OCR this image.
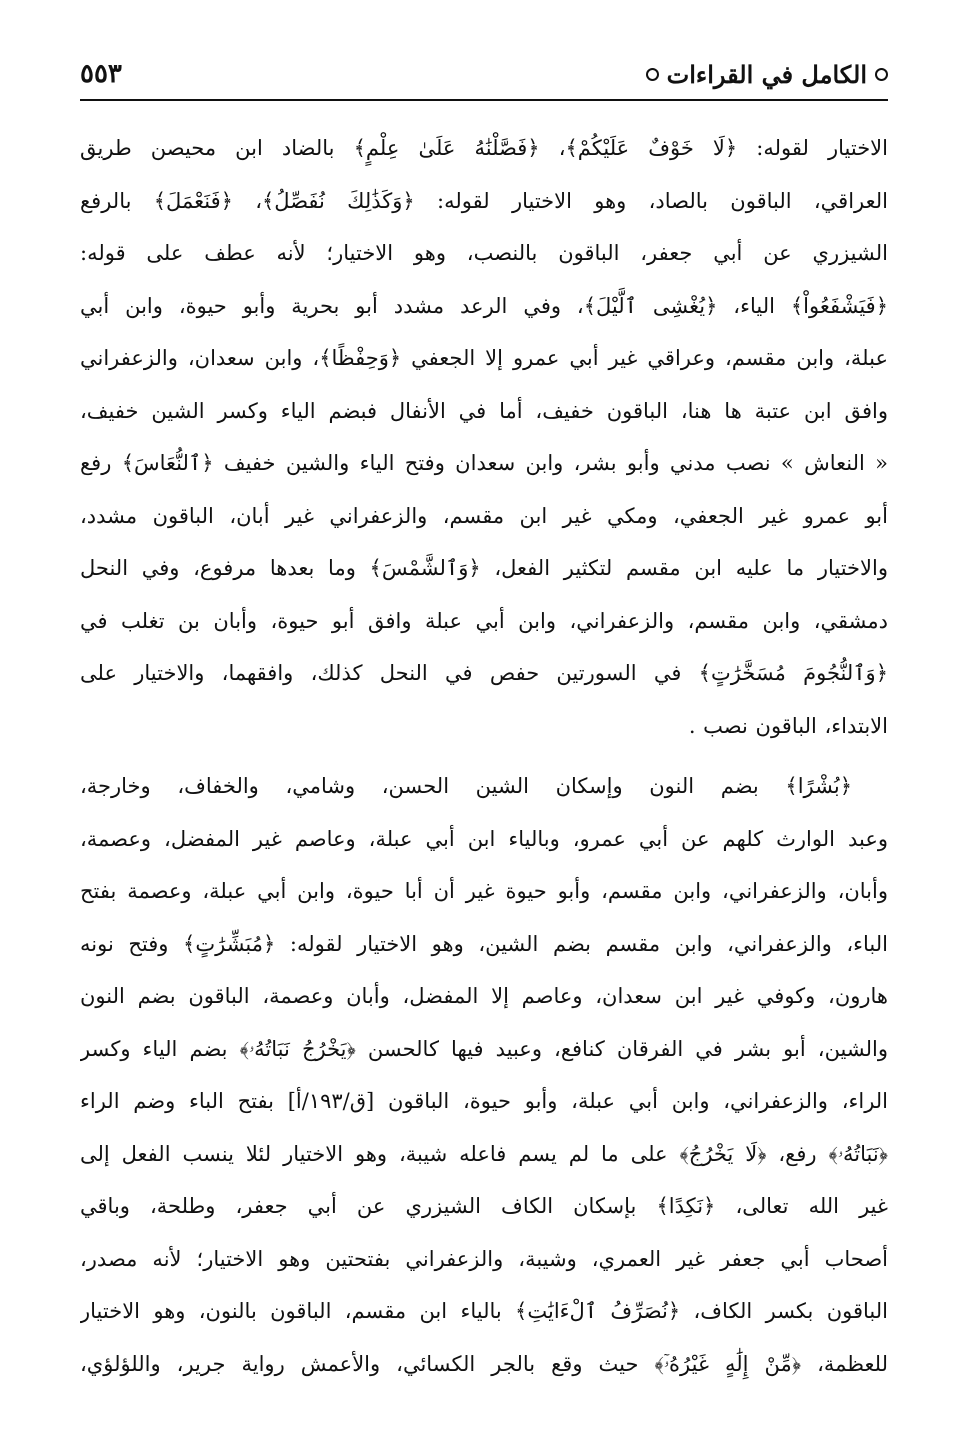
الكامل في القراءات
٥٥٣
الاختيار لقوله: ﴿لَا خَوْفٌ عَلَيْكُمْ﴾، ﴿فَصَّلْنَٰهُ عَلَىٰ عِلْمٍ﴾ بالضاد ابن محيصن طريق
العراقي، الباقون بالصاد، وهو الاختيار لقوله: ﴿وَكَذَٰلِكَ نُفَصِّلُ﴾، ﴿فَنَعْمَلَ﴾ بالرفع
الشيزري عن أبي جعفر، الباقون بالنصب، وهو الاختيار؛ لأنه عطف على قوله:
﴿فَيَشْفَعُواْ﴾ الياء، ﴿يُغْشِى ٱلَّيْلَ﴾، وفي الرعد مشدد أبو بحرية وأبو حيوة، وابن أبي
عبلة، وابن مقسم، وعراقي غير أبي عمرو إلا الجعفي ﴿وَحِفْظًا﴾، وابن سعدان، والزعفراني
وافق ابن عتبة ها هنا، الباقون خفيف، أما في الأنفال فبضم الياء وكسر الشين خفيف،
« النعاش » نصب مدني وأبو بشر، وابن سعدان وفتح الياء والشين خفيف ﴿ٱلنُّعَاسَ﴾ رفع
أبو عمرو غير الجعفي، ومكي غير ابن مقسم، والزعفراني غير أبان، الباقون مشدد،
والاختيار ما عليه ابن مقسم لتكثير الفعل، ﴿وَٱلشَّمْسَ﴾ وما بعدها مرفوع، وفي النحل
دمشقي، وابن مقسم، والزعفراني، وابن أبي عبلة وافق أبو حيوة، وأبان بن تغلب في
﴿وَٱلنُّجُومَ مُسَخَّرَٰتٍ﴾ في السورتين حفص في النحل كذلك، وافقهما، والاختيار على
الابتداء، الباقون نصب .
﴿بُشْرًا﴾ بضم النون وإسكان الشين الحسن، وشامي، والخفاف، وخارجة،
وعبد الوارث كلهم عن أبي عمرو، وبالياء ابن أبي عبلة، وعاصم غير المفضل، وعصمة،
وأبان، والزعفراني، وابن مقسم، وأبو حيوة غير أن أبا حيوة، وابن أبي عبلة، وعصمة بفتح
الباء، والزعفراني، وابن مقسم بضم الشين، وهو الاختيار لقوله: ﴿مُبَشِّرَٰتٍ﴾ وفتح نونه
هارون، وكوفي غير ابن سعدان، وعاصم إلا المفضل، وأبان وعصمة، الباقون بضم النون
والشين، أبو بشر في الفرقان كنافع، وعبيد فيها كالحسن ﴿يَخْرُجُ نَبَاتُهُۥ﴾ بضم الياء وكسر
الراء، والزعفراني، وابن أبي عبلة، وأبو حيوة، الباقون [ق/١٩٣/أ] بفتح الباء وضم الراء
﴿نَبَاتُهُۥ﴾ رفع، ﴿لَا يَخْرُجُ﴾ على ما لم يسم فاعله شيبة، وهو الاختيار لئلا ينسب الفعل إلى
غير الله تعالى، ﴿نَكِدًا﴾ بإسكان الكاف الشيزري عن أبي جعفر، وطلحة، وباقي
أصحاب أبي جعفر غير العمري، وشيبة، والزعفراني بفتحتين وهو الاختيار؛ لأنه مصدر،
الباقون بكسر الكاف، ﴿نُصَرِّفُ ٱلْءَايَٰتِ﴾ بالياء ابن مقسم، الباقون بالنون، وهو الاختيار
للعظمة، ﴿مِّنْ إِلَٰهٍ غَيْرُهُۥٓ﴾ حيث وقع بالجر الكسائي، والأعمش رواية جرير، واللؤلؤي،
